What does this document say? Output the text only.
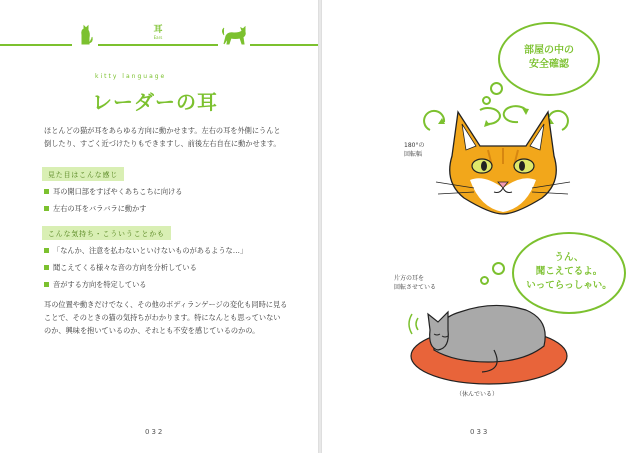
耳
Ears
kitty language
レーダーの耳
ほとんどの猫が耳をあらゆる方向に動かせます。左右の耳を外側にうんと
倒したり、すごく近づけたりもできますし、前後左右自在に動かせます。
見た目はこんな感じ
耳の開口部をすばやくあちこちに向ける
左右の耳をバラバラに動かす
こんな気持ち・こういうことかも
「なんか、注意を払わないといけないものがあるような…」
聞こえてくる様々な音の方向を分析している
音がする方向を特定している
耳の位置や動きだけでなく、その他のボディランゲージの変化も同時に見る
ことで、そのときの猫の気持ちがわかります。特になんとも思っていない
のか、興味を抱いているのか、それとも不安を感じているのかの。
032
部屋の中の
安全確認
180°の
回転幅
うん、
聞こえてるよ。
いってらっしゃい。
片方の耳を
回転させている
（休んでいる）
033
